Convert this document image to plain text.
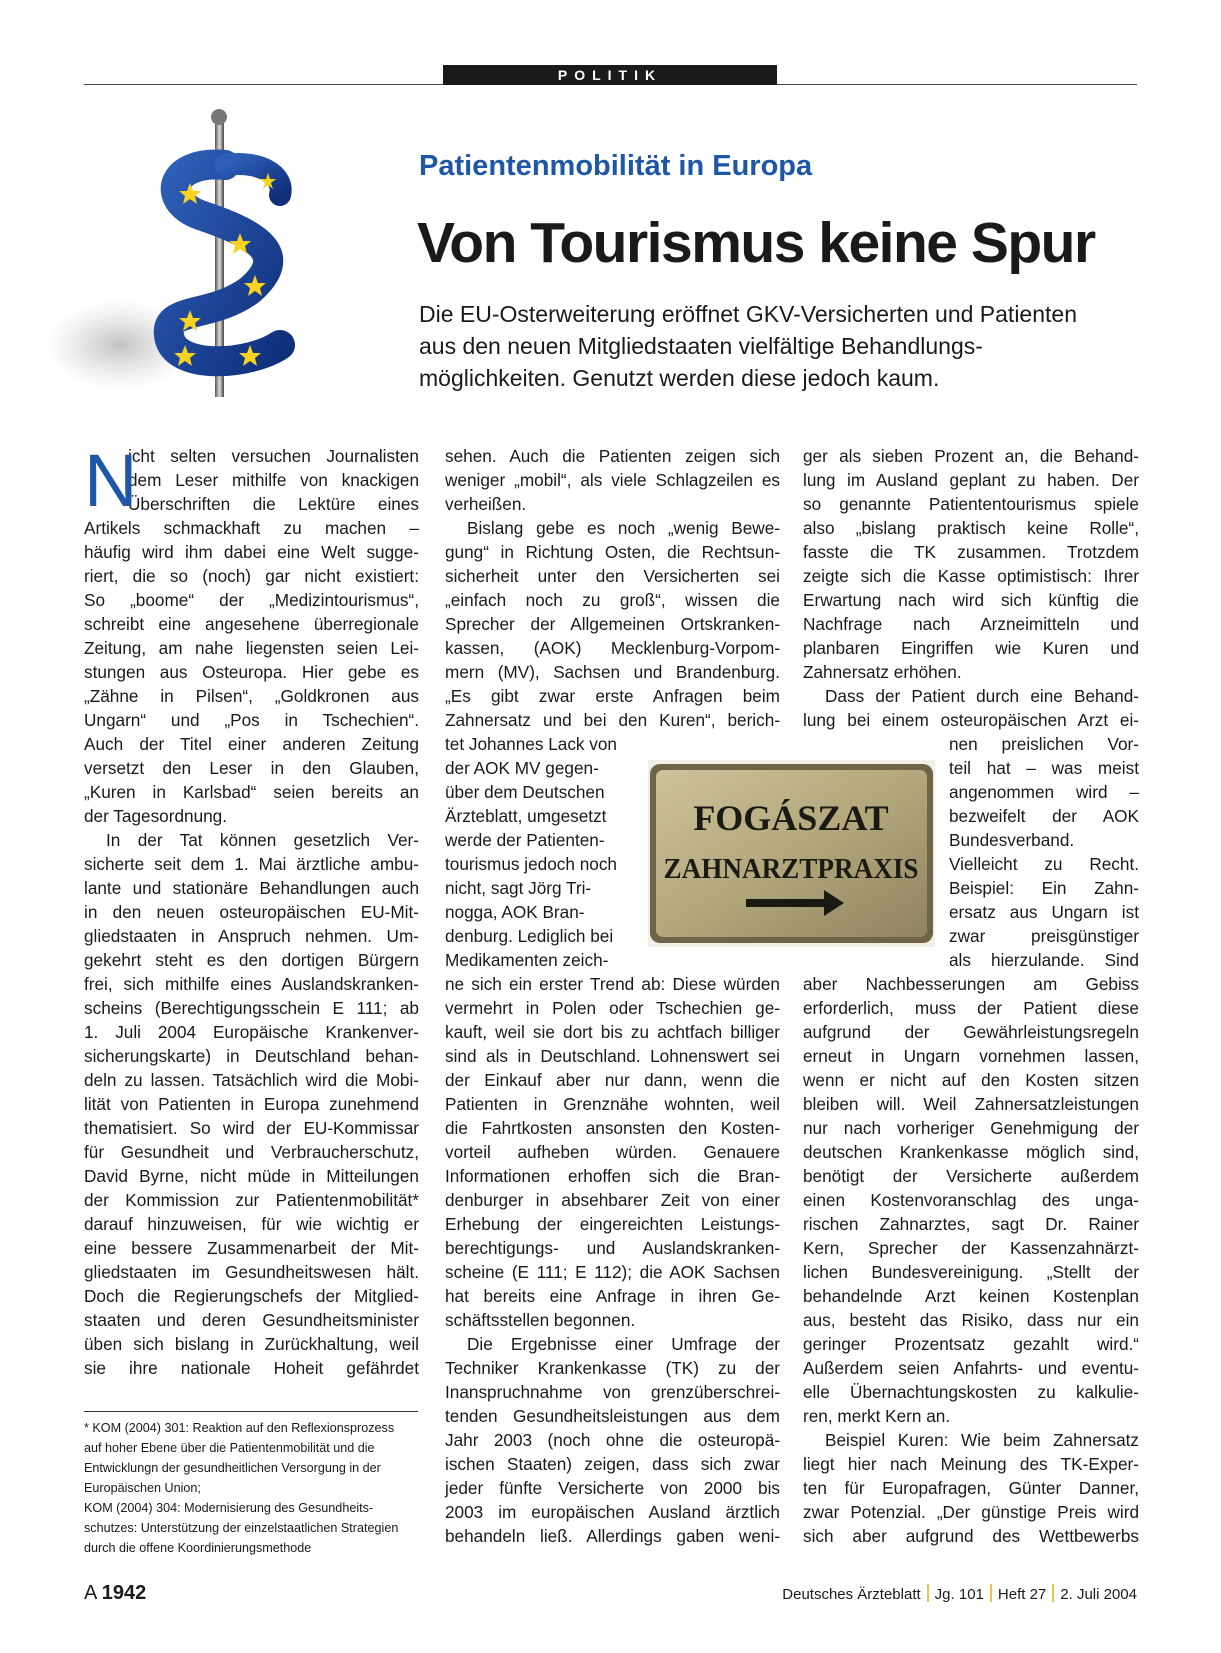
POLITIK
Patientenmobilität in Europa
Von Tourismus keine Spur
Die EU-Osterweiterung eröffnet GKV-Versicherten und Patienten
aus den neuen Mitgliedstaaten vielfältige Behandlungs-
möglichkeiten. Genutzt werden diese jedoch kaum.
N
icht selten versuchen Journalisten
dem Leser mithilfe von knackigen
Überschriften die Lektüre eines
Artikels schmackhaft zu machen –
häufig wird ihm dabei eine Welt sugge-
riert, die so (noch) gar nicht existiert:
So „boome“ der „Medizintourismus“,
schreibt eine angesehene überregionale
Zeitung, am nahe liegensten seien Lei-
stungen aus Osteuropa. Hier gebe es
„Zähne in Pilsen“, „Goldkronen aus
Ungarn“ und „Pos in Tschechien“.
Auch der Titel einer anderen Zeitung
versetzt den Leser in den Glauben,
„Kuren in Karlsbad“ seien bereits an
der Tagesordnung.
In der Tat können gesetzlich Ver-
sicherte seit dem 1. Mai ärztliche ambu-
lante und stationäre Behandlungen auch
in den neuen osteuropäischen EU-Mit-
gliedstaaten in Anspruch nehmen. Um-
gekehrt steht es den dortigen Bürgern
frei, sich mithilfe eines Auslandskranken-
scheins (Berechtigungsschein E 111; ab
1. Juli 2004 Europäische Krankenver-
sicherungskarte) in Deutschland behan-
deln zu lassen. Tatsächlich wird die Mobi-
lität von Patienten in Europa zunehmend
thematisiert. So wird der EU-Kommissar
für Gesundheit und Verbraucherschutz,
David Byrne, nicht müde in Mitteilungen
der Kommission zur Patientenmobilität*
darauf hinzuweisen, für wie wichtig er
eine bessere Zusammenarbeit der Mit-
gliedstaaten im Gesundheitswesen hält.
Doch die Regierungschefs der Mitglied-
staaten und deren Gesundheitsminister
üben sich bislang in Zurückhaltung, weil
sie ihre nationale Hoheit gefährdet
* KOM (2004) 301: Reaktion auf den Reflexionsprozess
auf hoher Ebene über die Patientenmobilität und die
Entwicklungn der gesundheitlichen Versorgung in der
Europäischen Union;
KOM (2004) 304: Modernisierung des Gesundheits-
schutzes: Unterstützung der einzelstaatlichen Strategien
durch die offene Koordinierungsmethode
sehen. Auch die Patienten zeigen sich
weniger „mobil“, als viele Schlagzeilen es
verheißen.
Bislang gebe es noch „wenig Bewe-
gung“ in Richtung Osten, die Rechtsun-
sicherheit unter den Versicherten sei
„einfach noch zu groß“, wissen die
Sprecher der Allgemeinen Ortskranken-
kassen, (AOK) Mecklenburg-Vorpom-
mern (MV), Sachsen und Brandenburg.
„Es gibt zwar erste Anfragen beim
Zahnersatz und bei den Kuren“, berich-
tet Johannes Lack von
der AOK MV gegen-
über dem Deutschen
Ärzteblatt, umgesetzt
werde der Patienten-
tourismus jedoch noch
nicht, sagt Jörg Tri-
nogga, AOK Bran-
denburg. Lediglich bei
Medikamenten zeich-
ne sich ein erster Trend ab: Diese würden
vermehrt in Polen oder Tschechien ge-
kauft, weil sie dort bis zu achtfach billiger
sind als in Deutschland. Lohnenswert sei
der Einkauf aber nur dann, wenn die
Patienten in Grenznähe wohnten, weil
die Fahrtkosten ansonsten den Kosten-
vorteil aufheben würden. Genauere
Informationen erhoffen sich die Bran-
denburger in absehbarer Zeit von einer
Erhebung der eingereichten Leistungs-
berechtigungs- und Auslandskranken-
scheine (E 111; E 112); die AOK Sachsen
hat bereits eine Anfrage in ihren Ge-
schäftsstellen begonnen.
Die Ergebnisse einer Umfrage der
Techniker Krankenkasse (TK) zu der
Inanspruchnahme von grenzüberschrei-
tenden Gesundheitsleistungen aus dem
Jahr 2003 (noch ohne die osteuropä-
ischen Staaten) zeigen, dass sich zwar
jeder fünfte Versicherte von 2000 bis
2003 im europäischen Ausland ärztlich
behandeln ließ. Allerdings gaben weni-
FOGÁSZAT
ZAHNARZTPRAXIS
ger als sieben Prozent an, die Behand-
lung im Ausland geplant zu haben. Der
so genannte Patiententourismus spiele
also „bislang praktisch keine Rolle“,
fasste die TK zusammen. Trotzdem
zeigte sich die Kasse optimistisch: Ihrer
Erwartung nach wird sich künftig die
Nachfrage nach Arzneimitteln und
planbaren Eingriffen wie Kuren und
Zahnersatz erhöhen.
Dass der Patient durch eine Behand-
lung bei einem osteuropäischen Arzt ei-
nen preislichen Vor-
teil hat – was meist
angenommen wird –
bezweifelt der AOK
Bundesverband.
Vielleicht zu Recht.
Beispiel: Ein Zahn-
ersatz aus Ungarn ist
zwar preisgünstiger
als hierzulande. Sind
aber Nachbesserungen am Gebiss
erforderlich, muss der Patient diese
aufgrund der Gewährleistungsregeln
erneut in Ungarn vornehmen lassen,
wenn er nicht auf den Kosten sitzen
bleiben will. Weil Zahnersatzleistungen
nur nach vorheriger Genehmigung der
deutschen Krankenkasse möglich sind,
benötigt der Versicherte außerdem
einen Kostenvoranschlag des unga-
rischen Zahnarztes, sagt Dr. Rainer
Kern, Sprecher der Kassenzahnärzt-
lichen Bundesvereinigung. „Stellt der
behandelnde Arzt keinen Kostenplan
aus, besteht das Risiko, dass nur ein
geringer Prozentsatz gezahlt wird.“
Außerdem seien Anfahrts- und eventu-
elle Übernachtungskosten zu kalkulie-
ren, merkt Kern an.
Beispiel Kuren: Wie beim Zahnersatz
liegt hier nach Meinung des TK-Exper-
ten für Europafragen, Günter Danner,
zwar Potenzial. „Der günstige Preis wird
sich aber aufgrund des Wettbewerbs
A 1942	Deutsches Ärzteblatt Jg. 101 Heft 27 2. Juli 2004
